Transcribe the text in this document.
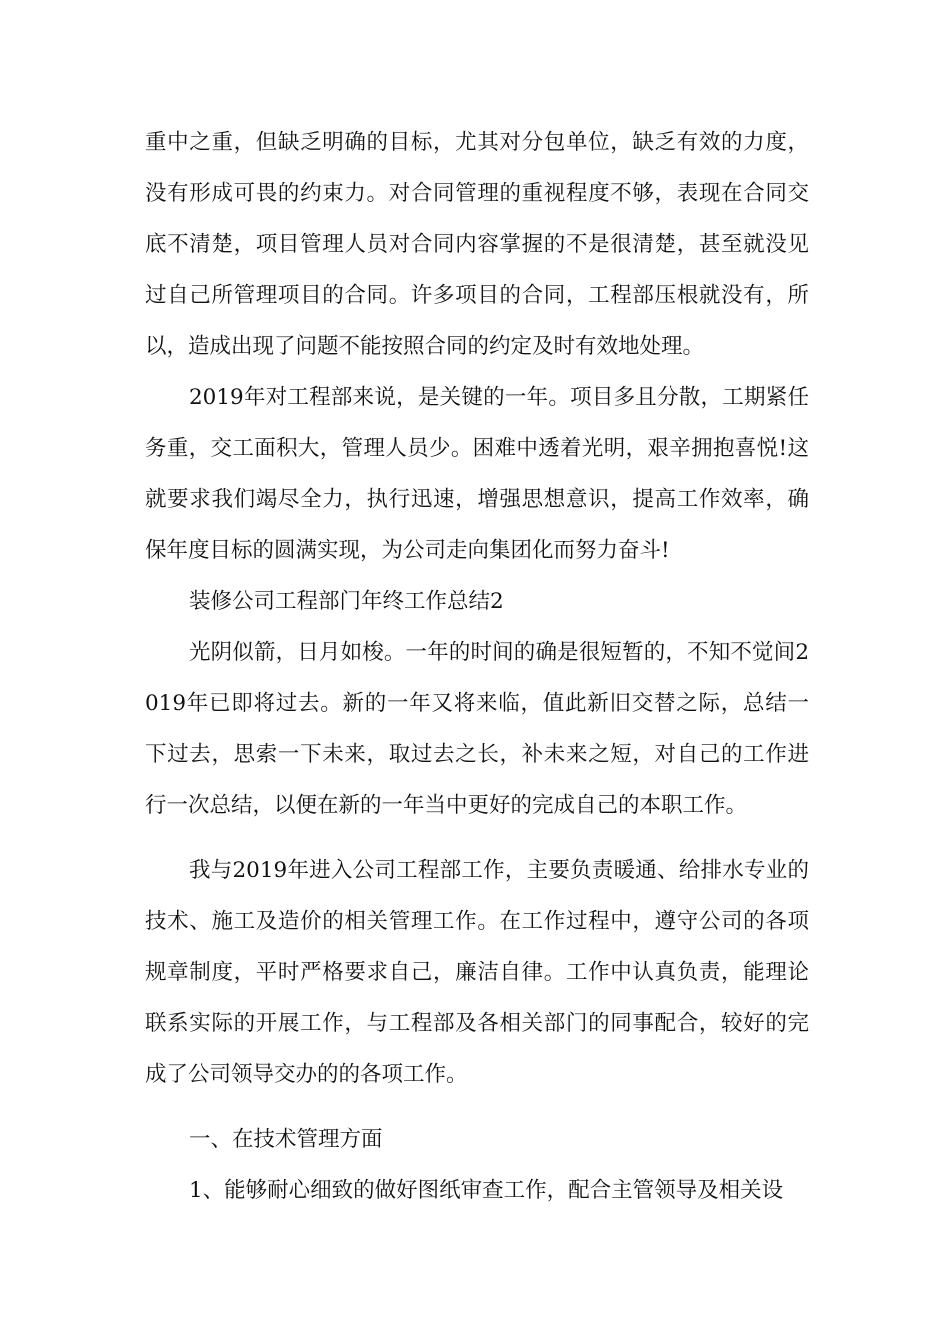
重中之重，但缺乏明确的目标，尤其对分包单位，缺乏有效的力度，没有形成可畏的约束力。对合同管理的重视程度不够，表现在合同交底不清楚，项目管理人员对合同内容掌握的不是很清楚，甚至就没见过自己所管理项目的合同。许多项目的合同，工程部压根就没有，所以，造成出现了问题不能按照合同的约定及时有效地处理。

2019年对工程部来说，是关键的一年。项目多且分散，工期紧任务重，交工面积大，管理人员少。困难中透着光明，艰辛拥抱喜悦!这就要求我们竭尽全力，执行迅速，增强思想意识，提高工作效率，确保年度目标的圆满实现，为公司走向集团化而努力奋斗!

装修公司工程部门年终工作总结2

光阴似箭，日月如梭。一年的时间的确是很短暂的，不知不觉间2019年已即将过去。新的一年又将来临，值此新旧交替之际，总结一下过去，思索一下未来，取过去之长，补未来之短，对自己的工作进行一次总结，以便在新的一年当中更好的完成自己的本职工作。

我与2019年进入公司工程部工作，主要负责暖通、给排水专业的技术、施工及造价的相关管理工作。在工作过程中，遵守公司的各项规章制度，平时严格要求自己，廉洁自律。工作中认真负责，能理论联系实际的开展工作，与工程部及各相关部门的同事配合，较好的完成了公司领导交办的的各项工作。

一、在技术管理方面

1、能够耐心细致的做好图纸审查工作，配合主管领导及相关设
